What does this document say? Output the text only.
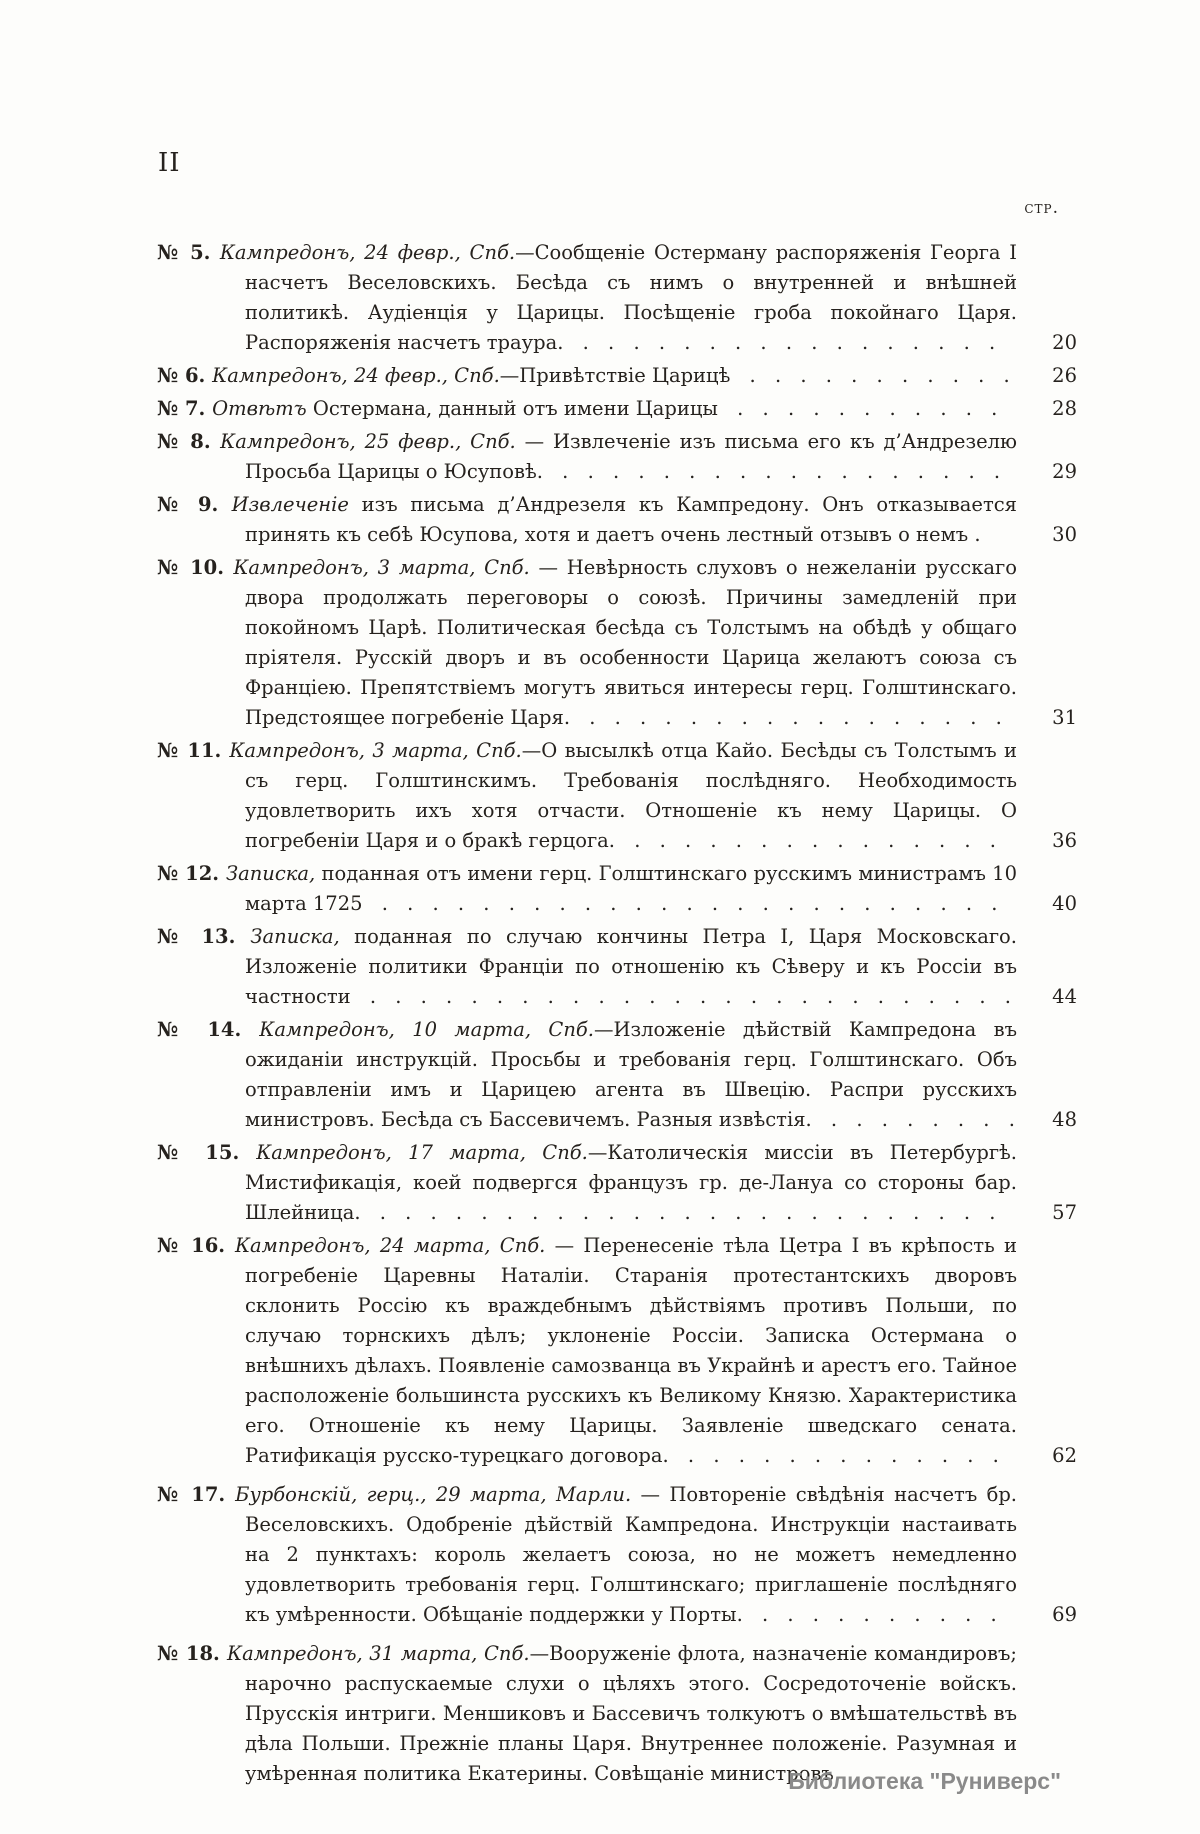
II
стр.
№ 5. Кампредонъ, 24 февр., Спб.—Сообщеніе Остерману распоряженія Георга I насчетъ Веселовскихъ. Бесѣда съ нимъ о внутренней и внѣшней политикѣ. Аудіенція у Царицы. Посѣщеніе гроба покойнаго Царя. Распоряженія насчетъ траура. . . . . . . . . . . . . . . . . .	20
№ 6. Кампредонъ, 24 февр., Спб.—Привѣтствіе Царицѣ . . . . . . . . . . .	26
№ 7. Отвѣтъ Остермана, данный отъ имени Царицы . . . . . . . . . . .	28
№ 8. Кампредонъ, 25 февр., Спб. — Извлеченіе изъ письма его къ д’Андрезелю Просьба Царицы о Юсуповѣ. . . . . . . . . . . . . . . . . . .	29
№ 9. Извлеченіе изъ письма д’Андрезеля къ Кампредону. Онъ отказывается принять къ себѣ Юсупова, хотя и даетъ очень лестный отзывъ о немъ .	30
№ 10. Кампредонъ, 3 марта, Спб. — Невѣрность слуховъ о нежеланіи русскаго двора продолжать переговоры о союзѣ. Причины замедленій при покойномъ Царѣ. Политическая бесѣда съ Толстымъ на обѣдѣ у общаго пріятеля. Русскій дворъ и въ особенности Царица желаютъ союза съ Франціею. Препятствіемъ могутъ явиться интересы герц. Голштинскаго. Предстоящее погребеніе Царя. . . . . . . . . . . . . . . . . .	31
№ 11. Кампредонъ, 3 марта, Спб.—О высылкѣ отца Кайо. Бесѣды съ Толстымъ и съ герц. Голштинскимъ. Требованія послѣдняго. Необходимость удовлетворить ихъ хотя отчасти. Отношеніе къ нему Царицы. О погребеніи Царя и о бракѣ герцога. . . . . . . . . . . . . . . .	36
№ 12. Записка, поданная отъ имени герц. Голштинскаго русскимъ министрамъ 10 марта 1725 . . . . . . . . . . . . . . . . . . . . . . . . .	40
№ 13. Записка, поданная по случаю кончины Петра I, Царя Московскаго. Изложеніе политики Франціи по отношенію къ Сѣверу и къ Россіи въ частности . . . . . . . . . . . . . . . . . . . . . . . . . .	44
№ 14. Кампредонъ, 10 марта, Спб.—Изложеніе дѣйствій Кампредона въ ожиданіи инструкцій. Просьбы и требованія герц. Голштинскаго. Объ отправленіи имъ и Царицею агента въ Швецію. Распри русскихъ министровъ. Бесѣда съ Бассевичемъ. Разныя извѣстія. . . . . . . . .	48
№ 15. Кампредонъ, 17 марта, Спб.—Католическія миссіи въ Петербургѣ. Мистификація, коей подвергся французъ гр. де-Лануа со стороны бар. Шлейница. . . . . . . . . . . . . . . . . . . . . . . . . .	57
№ 16. Кампредонъ, 24 марта, Спб. — Перенесеніе тѣла Цетра I въ крѣпость и погребеніе Царевны Наталіи. Старанія протестантскихъ дворовъ склонить Россію къ враждебнымъ дѣйствіямъ противъ Польши, по случаю торнскихъ дѣлъ; уклоненіе Россіи. Записка Остермана о внѣшнихъ дѣлахъ. Появленіе самозванца въ Украйнѣ и арестъ его. Тайное расположеніе большинста русскихъ къ Великому Князю. Характеристика его. Отношеніе къ нему Царицы. Заявленіе шведскаго сената. Ратификація русско-турецкаго договора. . . . . . . . . . . . . .	62
№ 17. Бурбонскій, герц., 29 марта, Марли. — Повтореніе свѣдѣнія насчетъ бр. Веселовскихъ. Одобреніе дѣйствій Кампредона. Инструкціи настаивать на 2 пунктахъ: король желаетъ союза, но не можетъ немедленно удовлетворить требованія герц. Голштинскаго; приглашеніе послѣдняго къ умѣренности. Обѣщаніе поддержки у Порты. . . . . . . . . . .	69
№ 18. Кампредонъ, 31 марта, Спб.—Вооруженіе флота, назначеніе командировъ; нарочно распускаемые слухи о цѣляхъ этого. Сосредоточеніе войскъ. Прусскія интриги. Меншиковъ и Бассевичъ толкуютъ о вмѣшательствѣ въ дѣла Польши. Прежніе планы Царя. Внутреннее положеніе. Разумная и умѣренная политика Екатерины. Совѣщаніе министровъ
Библиотека "Руниверс"
